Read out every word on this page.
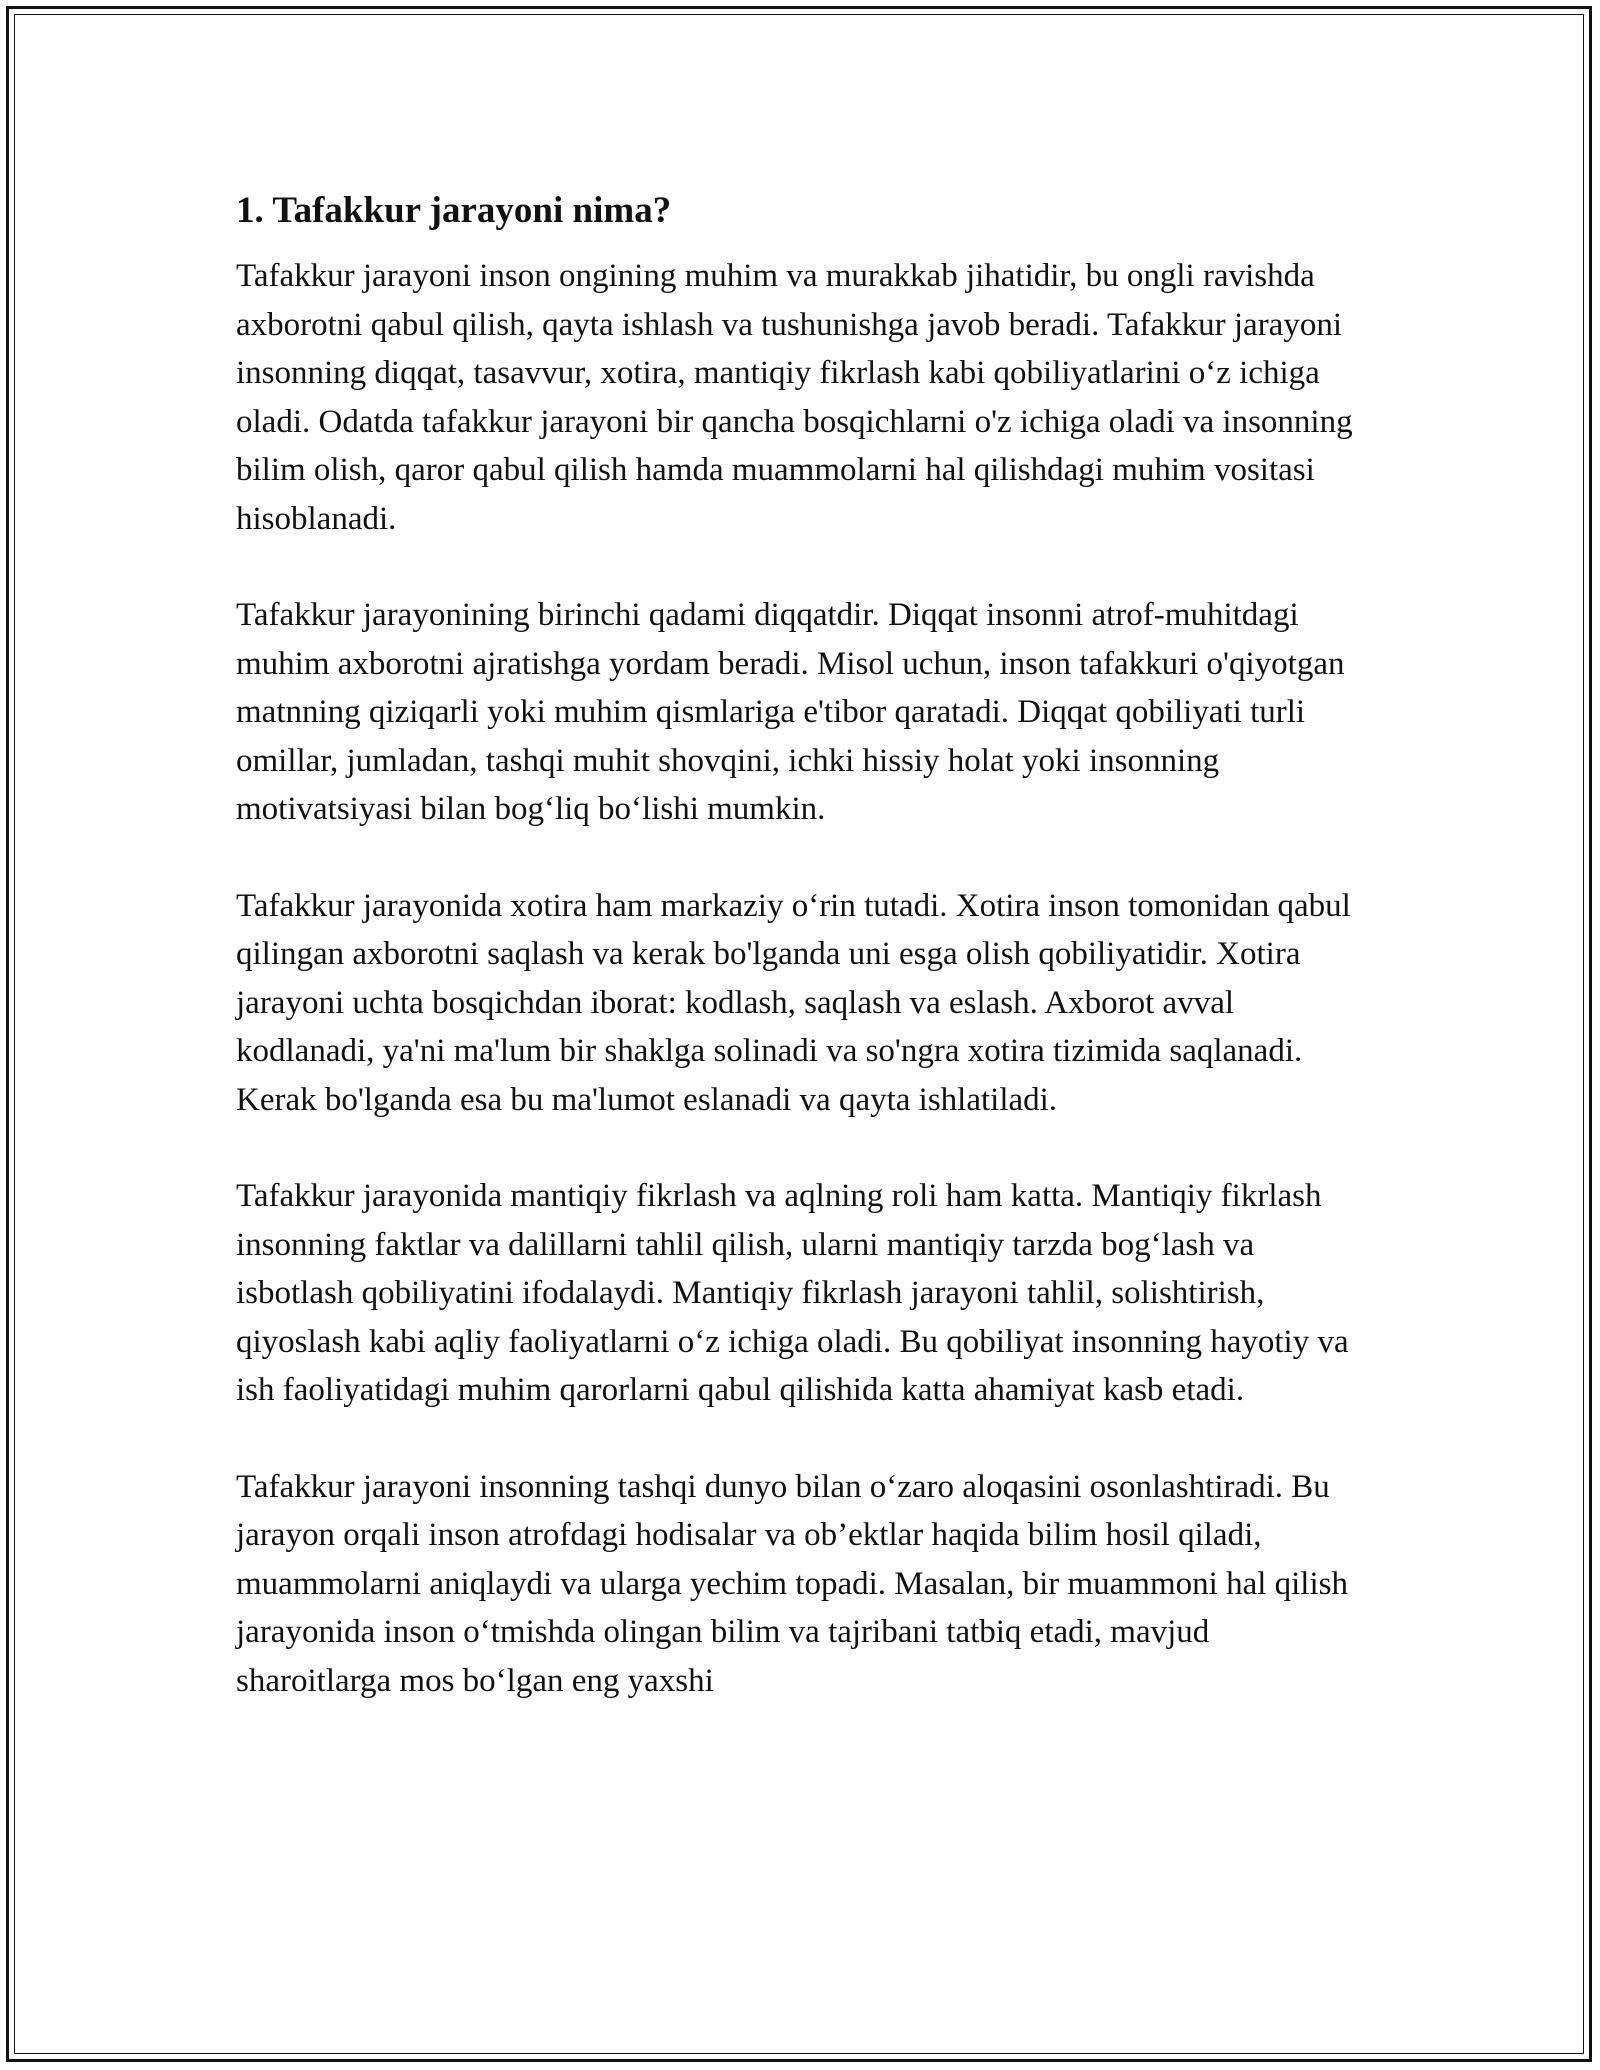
1. Tafakkur jarayoni nima?

Tafakkur jarayoni inson ongining muhim va murakkab jihatidir, bu ongli ravishda axborotni qabul qilish, qayta ishlash va tushunishga javob beradi. Tafakkur jarayoni insonning diqqat, tasavvur, xotira, mantiqiy fikrlash kabi qobiliyatlarini o‘z ichiga oladi. Odatda tafakkur jarayoni bir qancha bosqichlarni o'z ichiga oladi va insonning bilim olish, qaror qabul qilish hamda muammolarni hal qilishdagi muhim vositasi hisoblanadi.

Tafakkur jarayonining birinchi qadami diqqatdir. Diqqat insonni atrof-muhitdagi muhim axborotni ajratishga yordam beradi. Misol uchun, inson tafakkuri o'qiyotgan matnning qiziqarli yoki muhim qismlariga e'tibor qaratadi. Diqqat qobiliyati turli omillar, jumladan, tashqi muhit shovqini, ichki hissiy holat yoki insonning motivatsiyasi bilan bog‘liq bo‘lishi mumkin.

Tafakkur jarayonida xotira ham markaziy o‘rin tutadi. Xotira inson tomonidan qabul qilingan axborotni saqlash va kerak bo'lganda uni esga olish qobiliyatidir. Xotira jarayoni uchta bosqichdan iborat: kodlash, saqlash va eslash. Axborot avval kodlanadi, ya'ni ma'lum bir shaklga solinadi va so'ngra xotira tizimida saqlanadi. Kerak bo'lganda esa bu ma'lumot eslanadi va qayta ishlatiladi.

Tafakkur jarayonida mantiqiy fikrlash va aqlning roli ham katta. Mantiqiy fikrlash insonning faktlar va dalillarni tahlil qilish, ularni mantiqiy tarzda bog‘lash va isbotlash qobiliyatini ifodalaydi. Mantiqiy fikrlash jarayoni tahlil, solishtirish, qiyoslash kabi aqliy faoliyatlarni o‘z ichiga oladi. Bu qobiliyat insonning hayotiy va ish faoliyatidagi muhim qarorlarni qabul qilishida katta ahamiyat kasb etadi.

Tafakkur jarayoni insonning tashqi dunyo bilan o‘zaro aloqasini osonlashtiradi. Bu jarayon orqali inson atrofdagi hodisalar va ob’ektlar haqida bilim hosil qiladi, muammolarni aniqlaydi va ularga yechim topadi. Masalan, bir muammoni hal qilish jarayonida inson o‘tmishda olingan bilim va tajribani tatbiq etadi, mavjud sharoitlarga mos bo‘lgan eng yaxshi
